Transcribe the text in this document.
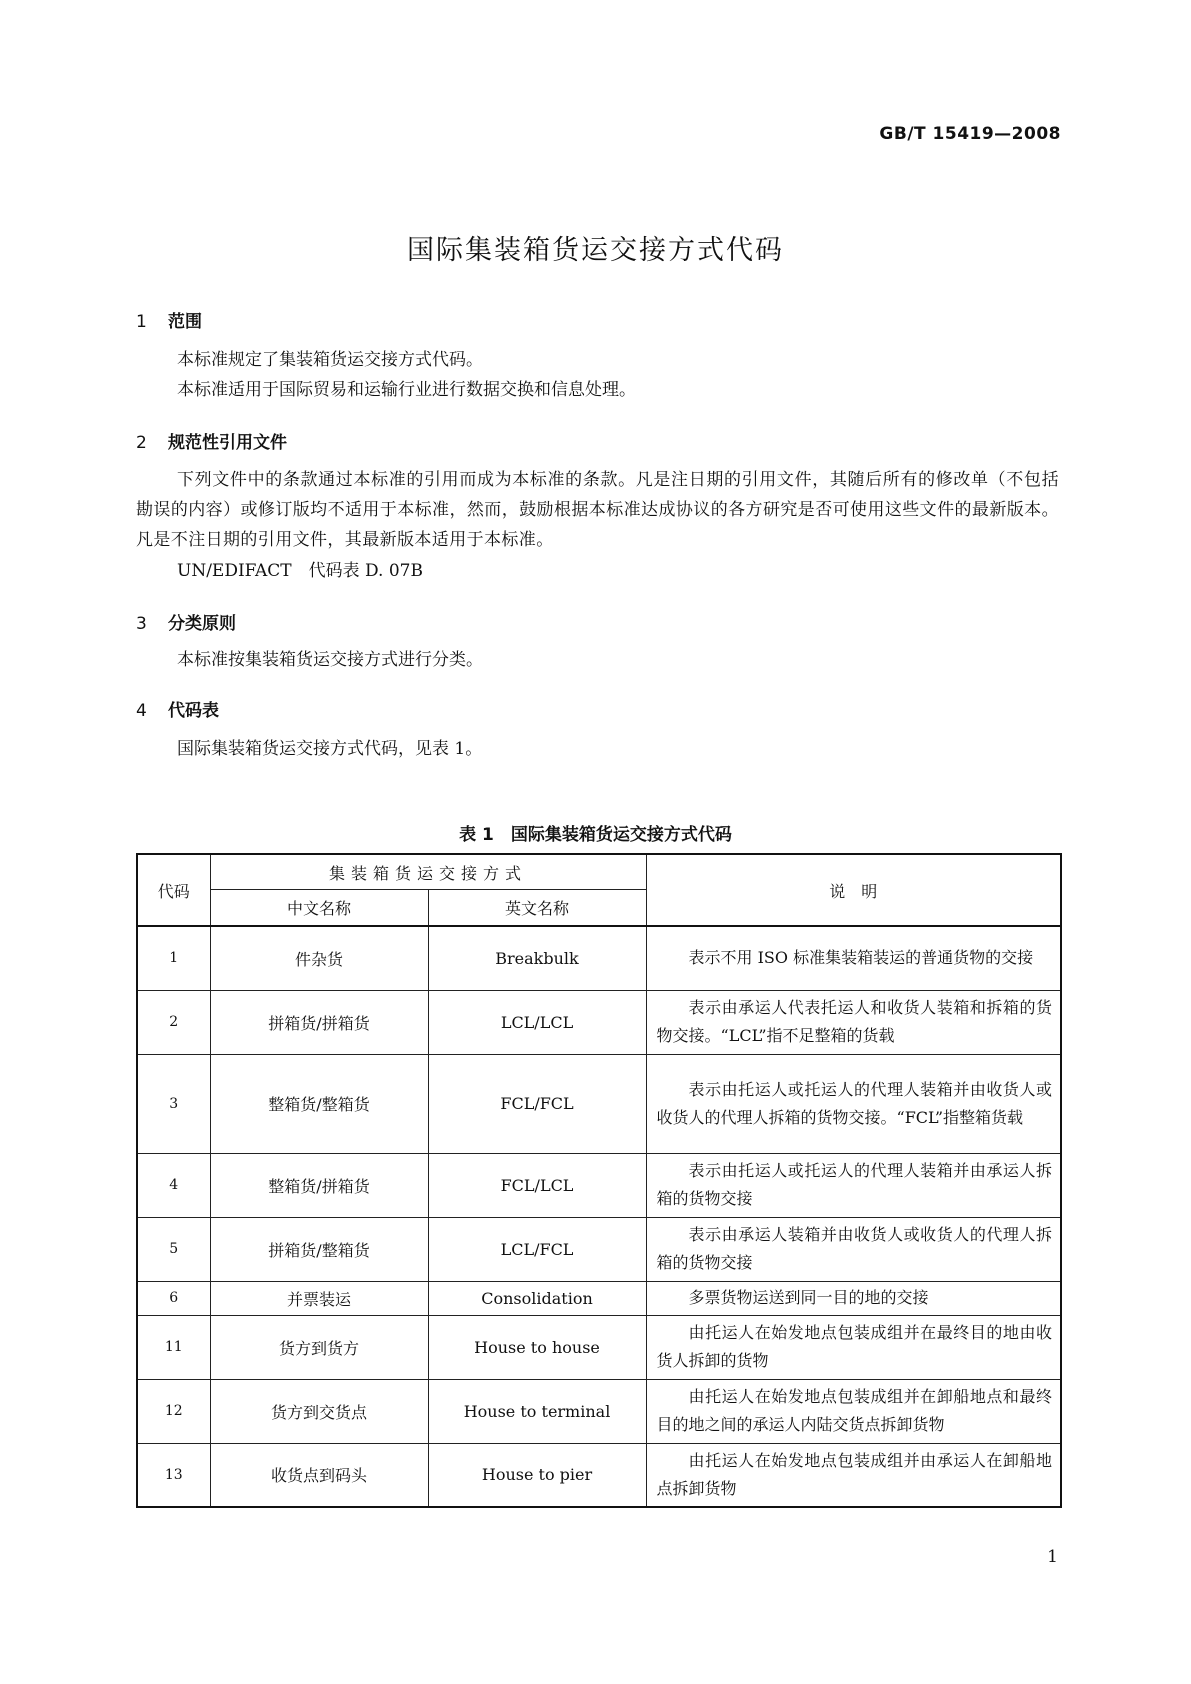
GB/T 15419—2008
国际集装箱货运交接方式代码
1 范围
本标准规定了集装箱货运交接方式代码。
本标准适用于国际贸易和运输行业进行数据交换和信息处理。
2 规范性引用文件
下列文件中的条款通过本标准的引用而成为本标准的条款。凡是注日期的引用文件，其随后所有的修改单（不包括勘误的内容）或修订版均不适用于本标准，然而，鼓励根据本标准达成协议的各方研究是否可使用这些文件的最新版本。凡是不注日期的引用文件，其最新版本适用于本标准。
UN/EDIFACT　代码表 D. 07B
3 分类原则
本标准按集装箱货运交接方式进行分类。
4 代码表
国际集装箱货运交接方式代码，见表 1。
表 1　国际集装箱货运交接方式代码
代码	集装箱货运交接方式		说　明
	中文名称	英文名称	
1	件杂货	Breakbulk	表示不用 ISO 标准集装箱装运的普通货物的交接

2	拼箱货/拼箱货	LCL/LCL	表示由承运人代表托运人和收货人装箱和拆箱的货物交接。“LCL”指不足整箱的货载

3	整箱货/整箱货	FCL/FCL	表示由托运人或托运人的代理人装箱并由收货人或收货人的代理人拆箱的货物交接。“FCL”指整箱货载

4	整箱货/拼箱货	FCL/LCL	表示由托运人或托运人的代理人装箱并由承运人拆箱的货物交接

5	拼箱货/整箱货	LCL/FCL	表示由承运人装箱并由收货人或收货人的代理人拆箱的货物交接

6	并票装运	Consolidation	多票货物运送到同一目的地的交接

11	货方到货方	House to house	由托运人在始发地点包装成组并在最终目的地由收货人拆卸的货物

12	货方到交货点	House to terminal	由托运人在始发地点包装成组并在卸船地点和最终目的地之间的承运人内陆交货点拆卸货物

13	收货点到码头	House to pier	由托运人在始发地点包装成组并由承运人在卸船地点拆卸货物
1
